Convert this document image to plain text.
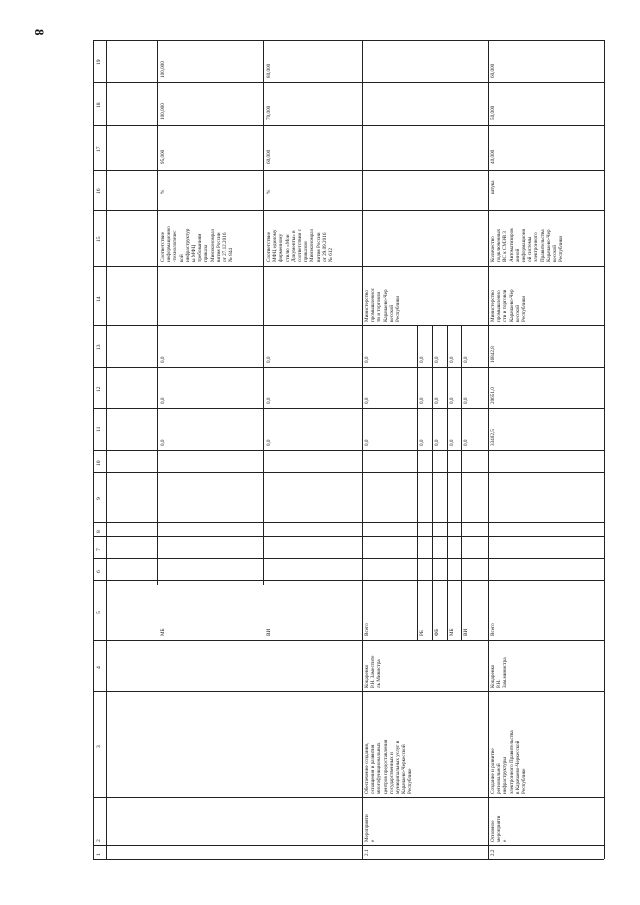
8
1
2
3
4
5
6
7
8
9
10
11
12
13
14
15
16
17
18
19
МБ
0,0
0,0
0,0
Соответствие
информационно
-технологичес
кой
инфраструктур
ы МФЦ
требованиям
приказа
Минэкономраз
вития России
от 27.12.2016
№ 844
%
95,000
100,000
100,000
ВИ
0,0
0,0
0,0
Соответствие
МФЦ единому
фирменному
стилю «Мои
Документы» в
соответствии с
приказом
Минэкономраз
вития России
от 29.09.2016
№ 612
%
60,000
70,000
80,000
2.1
Мероприяти
е
Обеспечение создания,
оснащения и развития
многофункциональных
центров предоставления
государственных и
муниципальных услуг в
Карачаево-Черкесской
Республике
Коцаренко
Р.Н. Заместите
ль Министра
Всего
0,0
0,0
0,0
Министерство
промышленнос
ти и торговли
Карачаево-Чер
кесской
Республики
РБ
0,0
0,0
0,0
ФБ
0,0
0,0
0,0
МБ
0,0
0,0
0,0
ВИ
0,0
0,0
0,0
2.2
Основное
мероприяти
е
Создание и развитие
региональной
инфраструктуры
электронного Правительства
в Карачаево-Черкесской
Республике
Коцаренко
Р.Н.
Зам.министра
Всего
33402,5
20651,0
16842,8
Министерство
промышленно
сти и торговли
Карачаево-Чер
кесской
Республики
Количество
подключенных
ВС к СМЭВ 3
Автоматизиров
анной
информационн
ой системы
электронного
Правительства
Карачаево-Чер
кесской
Республики
штука
40,000
50,000
60,000
